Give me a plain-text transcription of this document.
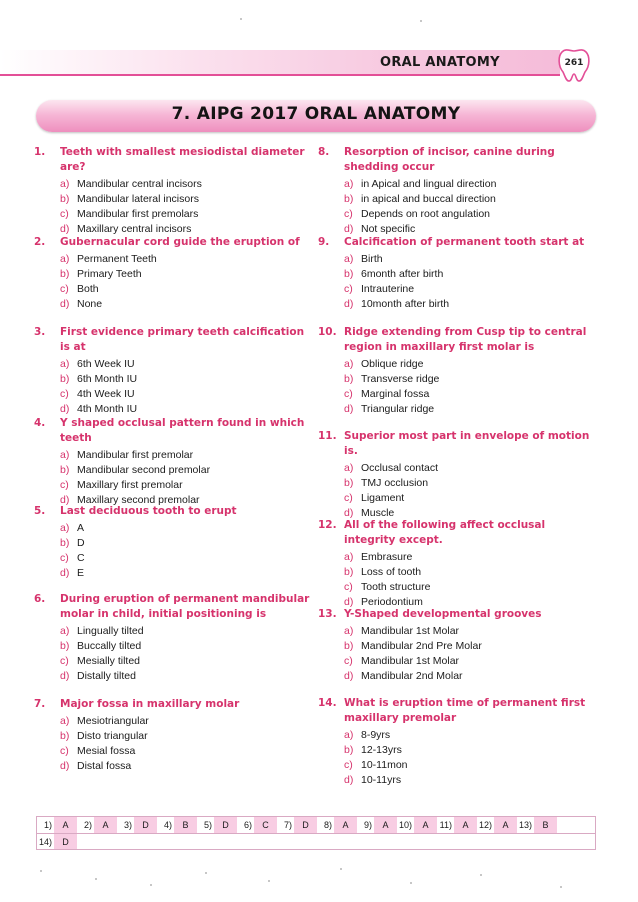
ORAL ANATOMY	261
7. AIPG 2017 ORAL ANATOMY
1.	Teeth with smallest mesiodistal diameter are?
a) Mandibular central incisors
b) Mandibular lateral incisors
c) Mandibular first premolars
d) Maxillary central incisors
2.	Gubernacular cord guide the eruption of
a) Permanent Teeth
b) Primary Teeth
c) Both
d) None
3.	First evidence primary teeth calcification is at
a) 6th Week IU
b) 6th Month IU
c) 4th Week IU
d) 4th Month IU
4.	Y shaped occlusal pattern found in which teeth
a) Mandibular first premolar
b) Mandibular second premolar
c) Maxillary first premolar
d) Maxillary second premolar
5.	Last deciduous tooth to erupt
a) A
b) D
c) C
d) E
6.	During eruption of permanent mandibular molar in child, initial positioning is
a) Lingually tilted
b) Buccally tilted
c) Mesially tilted
d) Distally tilted
7.	Major fossa in maxillary molar
a) Mesiotriangular
b) Disto triangular
c) Mesial fossa
d) Distal fossa
8.	Resorption of incisor, canine during shedding occur
a) in Apical and lingual direction
b) in apical and buccal direction
c) Depends on root angulation
d) Not specific
9.	Calcification of permanent tooth start at
a) Birth
b) 6month after birth
c) Intrauterine
d) 10month after birth
10. Ridge extending from Cusp tip to central region in maxillary first molar is
a) Oblique ridge
b) Transverse ridge
c) Marginal fossa
d) Triangular ridge
11. Superior most part in envelope of motion is.
a) Occlusal contact
b) TMJ occlusion
c) Ligament
d) Muscle
12. All of the following affect occlusal integrity except.
a) Embrasure
b) Loss of tooth
c) Tooth structure
d) Periodontium
13. Y-Shaped developmental grooves
a) Mandibular 1st Molar
b) Mandibular 2nd Pre Molar
c) Mandibular 1st Molar
d) Mandibular 2nd Molar
14. What is eruption time of permanent first maxillary premolar
a) 8-9yrs
b) 12-13yrs
c) 10-11mon
d) 10-11yrs
1)	A	2)	A	3)	D	4)	B	5)	D	6)	C	7)	D	8)	A	9)	A	10)	A	11)	A	12)	A	13)	B
14)	D
